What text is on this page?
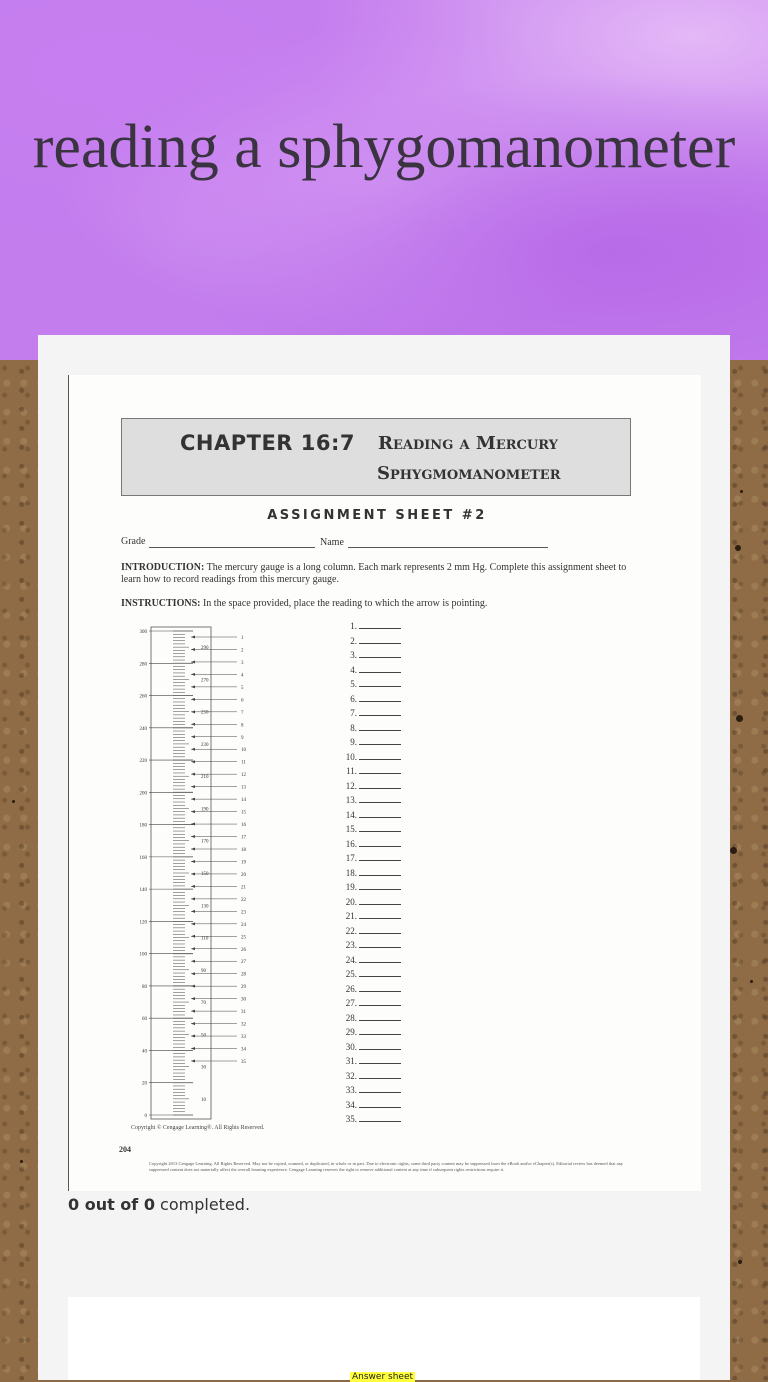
reading a sphygomanometer
CHAPTER 16:7 Reading a Mercury
Sphygmomanometer
ASSIGNMENT SHEET #2
Grade	Name
INTRODUCTION: The mercury gauge is a long column. Each mark represents 2 mm Hg. Complete this assignment sheet to learn how to record readings from this mercury gauge.
INSTRUCTIONS: In the space provided, place the reading to which the arrow is pointing.
300
280
260
240
220
200
180
160
140
120
100
80
60
40
20
0
290
270
250
230
210
190
170
150
130
110
90
70
50
30
10
1
2
3
4
5
6
7
8
9
10
11
12
13
14
15
16
17
18
19
20
21
22
23
24
25
26
27
28
29
30
31
32
33
34
35
1.
2.
3.
4.
5.
6.
7.
8.
9.
10.
11.
12.
13.
14.
15.
16.
17.
18.
19.
20.
21.
22.
23.
24.
25.
26.
27.
28.
29.
30.
31.
32.
33.
34.
35.
Copyright © Cengage Learning®. All Rights Reserved.
204
Copyright 2013 Cengage Learning. All Rights Reserved. May not be copied, scanned, or duplicated, in whole or in part. Due to electronic rights, some third party content may be suppressed from the eBook and/or eChapter(s). Editorial review has deemed that any suppressed content does not materially affect the overall learning experience. Cengage Learning reserves the right to remove additional content at any time if subsequent rights restrictions require it.
0 out of 0 completed.
Answer sheet
